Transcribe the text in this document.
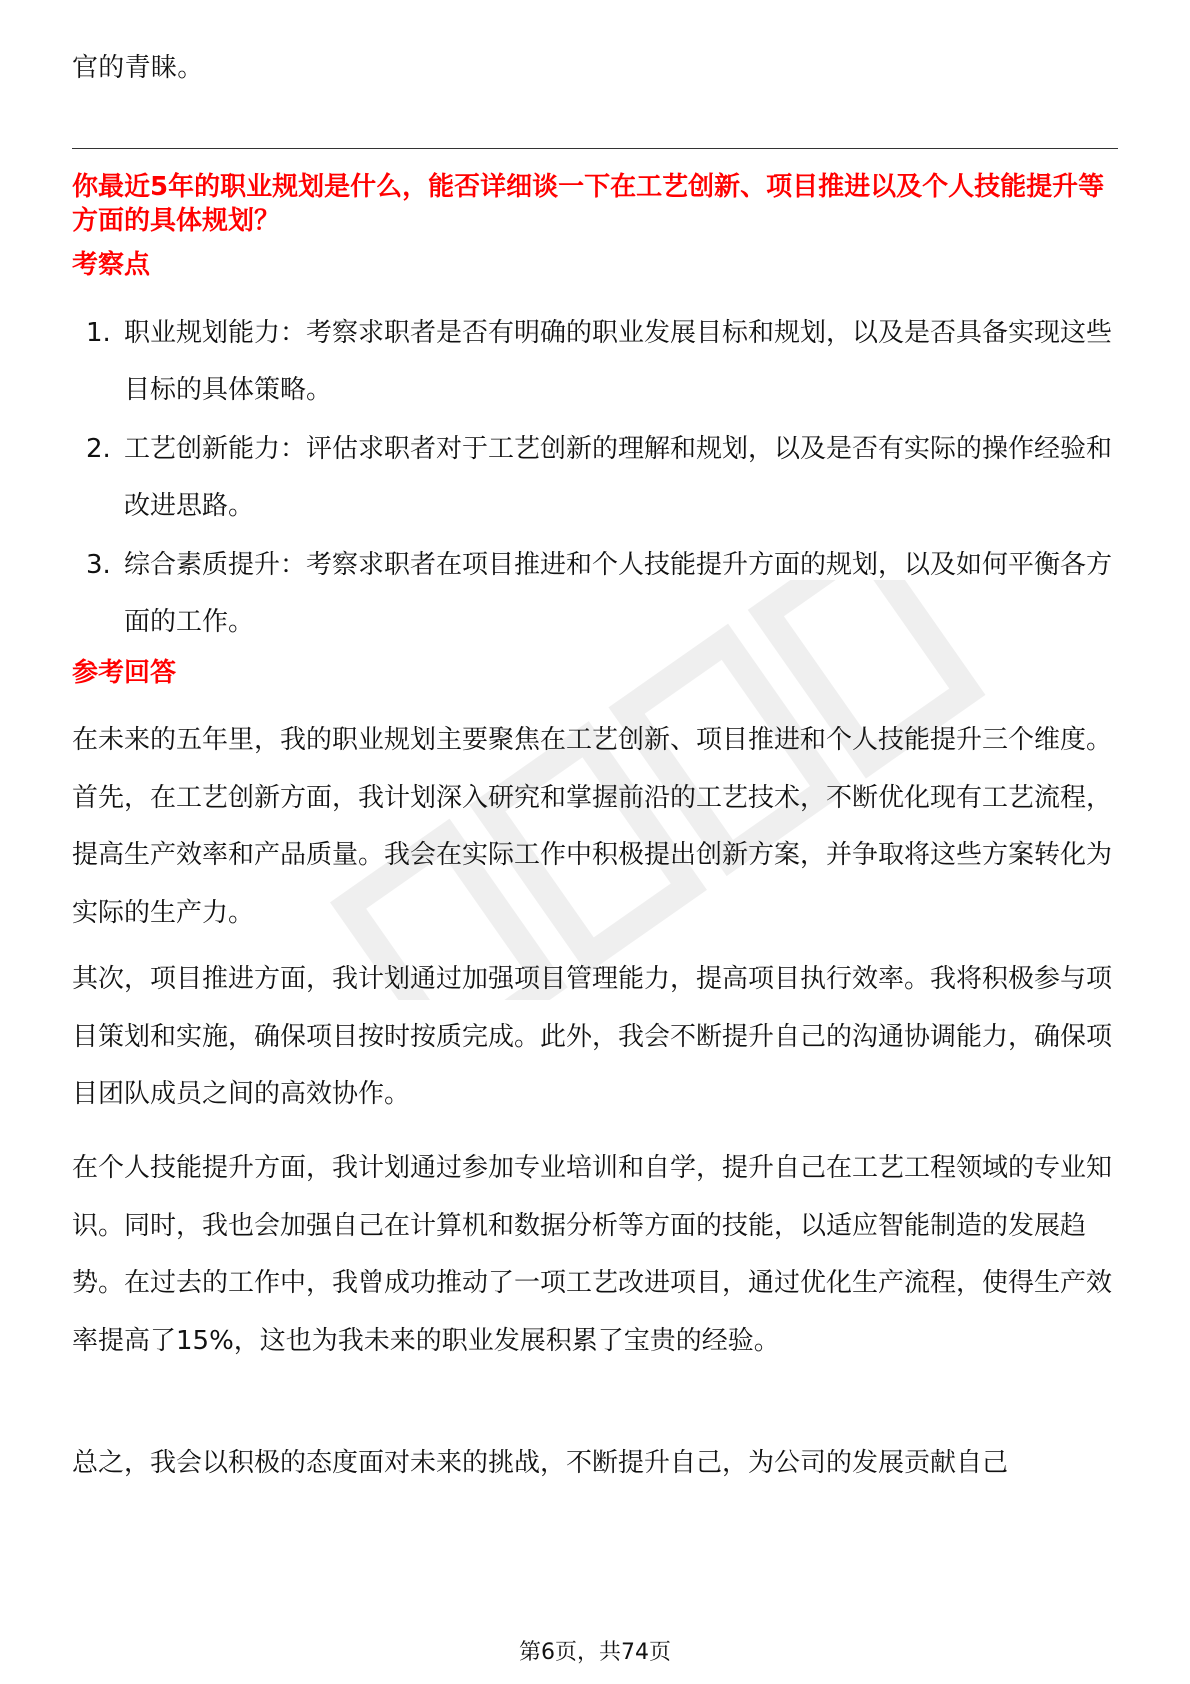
官的青睐。
你最近5年的职业规划是什么，能否详细谈一下在工艺创新、项目推进以及个人技能提升等方面的具体规划？
考察点
1. 职业规划能力：考察求职者是否有明确的职业发展目标和规划，以及是否具备实现这些目标的具体策略。
2. 工艺创新能力：评估求职者对于工艺创新的理解和规划，以及是否有实际的操作经验和改进思路。
3. 综合素质提升：考察求职者在项目推进和个人技能提升方面的规划，以及如何平衡各方面的工作。
参考回答

在未来的五年里，我的职业规划主要聚焦在工艺创新、项目推进和个人技能提升三个维度。首先，在工艺创新方面，我计划深入研究和掌握前沿的工艺技术，不断优化现有工艺流程，提高生产效率和产品质量。我会在实际工作中积极提出创新方案，并争取将这些方案转化为实际的生产力。

其次，项目推进方面，我计划通过加强项目管理能力，提高项目执行效率。我将积极参与项目策划和实施，确保项目按时按质完成。此外，我会不断提升自己的沟通协调能力，确保项目团队成员之间的高效协作。

在个人技能提升方面，我计划通过参加专业培训和自学，提升自己在工艺工程领域的专业知识。同时，我也会加强自己在计算机和数据分析等方面的技能，以适应智能制造的发展趋势。在过去的工作中，我曾成功推动了一项工艺改进项目，通过优化生产流程，使得生产效率提高了15%，这也为我未来的职业发展积累了宝贵的经验。

总之，我会以积极的态度面对未来的挑战，不断提升自己，为公司的发展贡献自己

第6页，共74页
